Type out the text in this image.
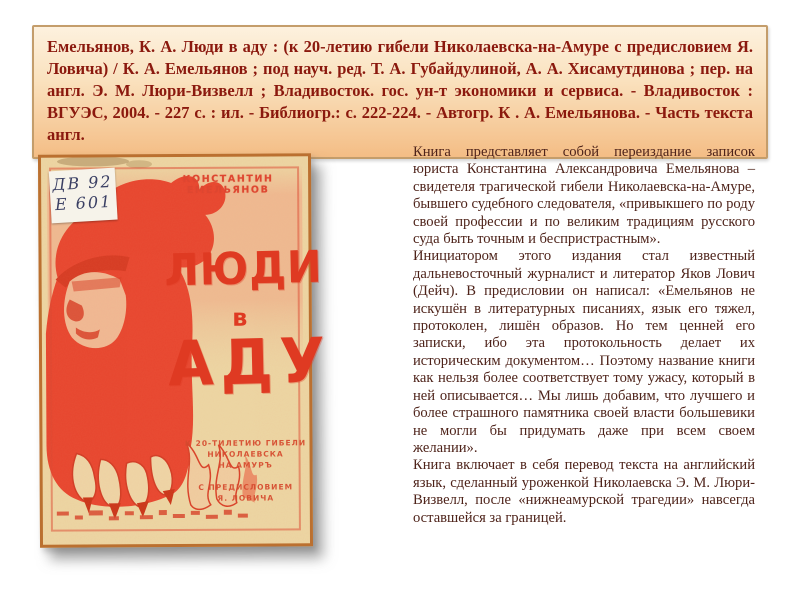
Емельянов, К. А. Люди в аду : (к 20-летию гибели Николаевска-на-Амуре с предисловием Я. Ловича) / К. А. Емельянов ; под науч. ред. Т. А. Губайдулиной, А. А. Хисамутдинова ; пер. на англ. Э. М. Люри-Визвелл ; Владивосток. гос. ун-т экономики и сервиса. - Владивосток : ВГУЭС, 2004. - 227 с. : ил. - Библиогр.: с. 222-224. - Автогр. К . А. Емельянова. - Часть текста англ.

ДВ 92
Е 601
КОНСТАНТИН ЕМЕЛЬЯНОВ
ЛЮДИ
в
АДУ
К 20-ТИЛЕТИЮ ГИБЕЛИ
НИКОЛАЕВСКА
НА АМУРЪ
С ПРЕДИСЛОВИЕМ
Я. ЛОВИЧА

Книга представляет собой переиздание записок юриста Константина Александровича Емельянова – свидетеля трагической гибели Николаевска-на-Амуре, бывшего судебного следователя, «привыкшего по роду своей профессии и по великим традициям русского суда быть точным и беспристрастным».

Инициатором этого издания стал известный дальневосточный журналист и литератор Яков Лович (Дейч). В предисловии он написал: «Емельянов не искушён в литературных писаниях, язык его тяжел, протоколен, лишён образов. Но тем ценней его записки, ибо эта протокольность делает их историческим документом… Поэтому название книги как нельзя более соответствует тому ужасу, который в ней описывается… Мы лишь добавим, что лучшего и более страшного памятника своей власти большевики не могли бы придумать даже при всем своем желании».

Книга включает в себя перевод текста на английский язык, сделанный уроженкой Николаевска Э. М. Люри-Визвелл, после «нижнеамурской трагедии» навсегда оставшейся за границей.
